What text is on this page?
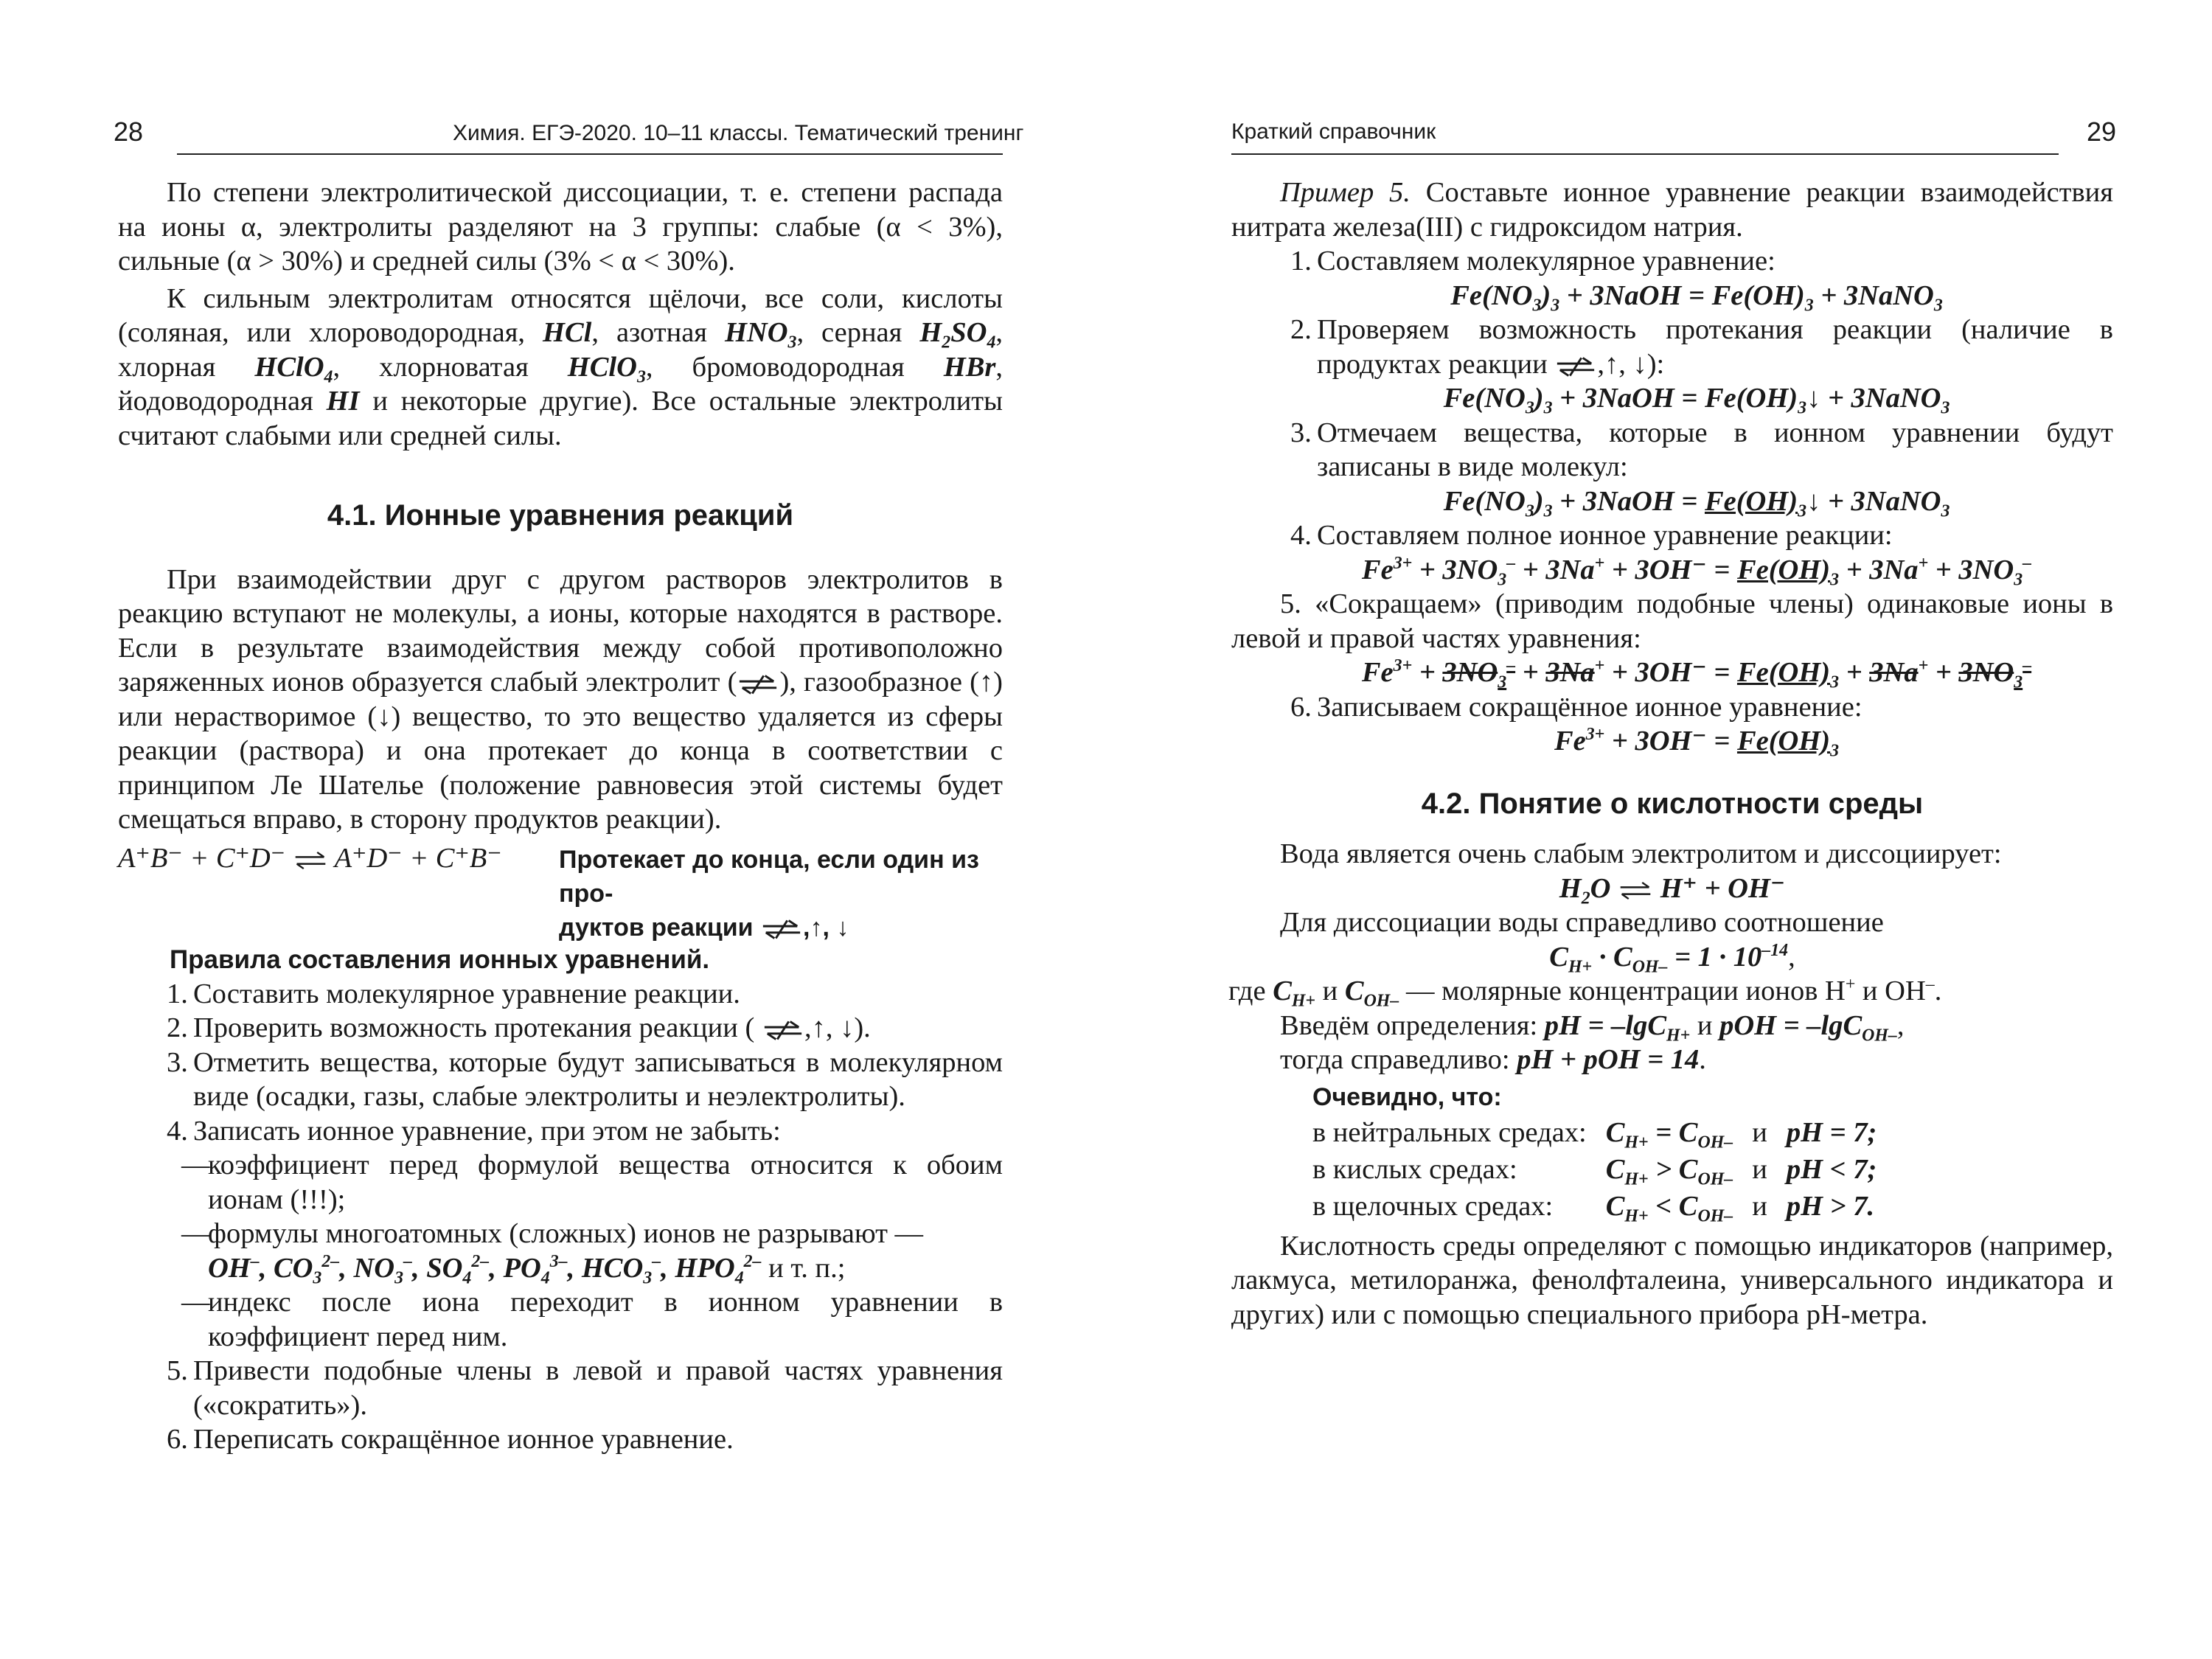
28	Химия. ЕГЭ-2020. 10–11 классы. Тематический тренинг

По степени электролитической диссоциации, т. е. степени распада на ионы α, электролиты разделяют на 3 группы: слабые (α < 3%), сильные (α > 30%) и средней силы (3% < α < 30%).

К сильным электролитам относятся щёлочи, все соли, кислоты (соляная, или хлороводородная, HCl, азотная $HNO_3$, серная $H_2SO_4$, хлорная HClO$_4$, хлорноватая HClO$_3$, бромоводородная HBr, йодоводородная HI и некоторые другие). Все остальные электролиты считают слабыми или средней силы.

4.1. Ионные уравнения реакций

При взаимодействии друг с другом растворов электролитов в реакцию вступают не молекулы, а ионы, которые находятся в растворе. Если в результате взаимодействия между собой противоположно заряженных ионов образуется слабый электролит ( ), газообразное (↑) или нерастворимое (↓) вещество, то это вещество удаляется из сферы реакции (раствора) и она протекает до конца в соответствии с принципом Ле Шателье (положение равновесия этой системы будет смещаться вправо, в сторону продуктов реакции).

A⁺B⁻ + C⁺D⁻ A⁺D⁻ + C⁺B⁻ Протекает до конца, если один из про-
дуктов реакции ,↑, ↓
Правила составления ионных уравнений.
1. Составить молекулярное уравнение реакции.
2. Проверить возможность протекания реакции ( ,↑, ↓).
3. Отметить вещества, которые будут записываться в молекулярном виде (осадки, газы, слабые электролиты и неэлектролиты).
4. Записать ионное уравнение, при этом не забыть:
—
коэффициент перед формулой вещества относится к обоим ионам (!!!);
—
формулы многоатомных (сложных) ионов не разрывают —
OH–, $CO_3^{2-}$, $NO_3^-$, $SO_4^{2-}$, $PO_4^{3-}$, $HCO_3^-$, $HPO_4^{2-}$ и т. п.;
—
индекс после иона переходит в ионном уравнении в коэффициент перед ним.
5. Привести подобные члены в левой и правой частях уравнения («сократить»).
6. Переписать сокращённое ионное уравнение.
Краткий справочник	29

Пример 5. Составьте ионное уравнение реакции взаимодействия нитрата железа(III) с гидроксидом натрия.

1. Составляем молекулярное уравнение:
$Fe(NO_3)_3$ + 3NaOH = $Fe(OH)_3$ + 3NaNO$_3$
2. Проверяем возможность протекания реакции (наличие в продуктах реакции ,↑, ↓):
$Fe(NO_3)_3$ + 3NaOH = $Fe(OH)_3↓$ + 3NaNO$_3$
3. Отмечаем вещества, которые в ионном уравнении будут записаны в виде молекул:
$Fe(NO_3)_3$ + 3NaOH = $Fe(OH)_3↓$ + 3NaNO$_3$
4. Составляем полное ионное уравнение реакции:
$Fe^{3+} + 3NO_3^- + 3Na^+ + 3OH^- = Fe(OH)_3 + 3Na^+ + 3NO_3^-$

5. «Сокращаем» (приводим подобные члены) одинаковые ионы в левой и правой частях уравнения:

$Fe^{3+} + 3NO_3^- + 3Na^+ + 3OH^- = Fe(OH)_3 + 3Na^+ + 3NO_3^-$
6. Записываем сокращённое ионное уравнение:
$Fe^{3+} + 3OH^- = Fe(OH)_3$
4.2. Понятие о кислотности среды

Вода является очень слабым электролитом и диссоциирует:

$H_2O$ H⁺ + OH⁻

Для диссоциации воды справедливо соотношение

$C_{H+} \cdot C_{OH-} = 1 \cdot 10^{-14}$,

где $C_{H+}$ и $C_{OH-}$ — молярные концентрации ионов H+ и OH–.

Введём определения: pH = –lgC$_{H+}$ и pOH = –lgC$_{OH-}$,
тогда справедливо: pH + pOH = 14.

Очевидно, что:
в нейтральных средах:	$C_{H+} = C_{OH-}$	и	pH = 7;
в кислых средах:	$C_{H+} > C_{OH-}$	и	pH < 7;
в щелочных средах:	$C_{H+} < C_{OH-}$	и	pH > 7.

Кислотность среды определяют с помощью индикаторов (например, лакмуса, метилоранжа, фенолфталеина, универсального индикатора и других) или с помощью специального прибора pH-метра.
